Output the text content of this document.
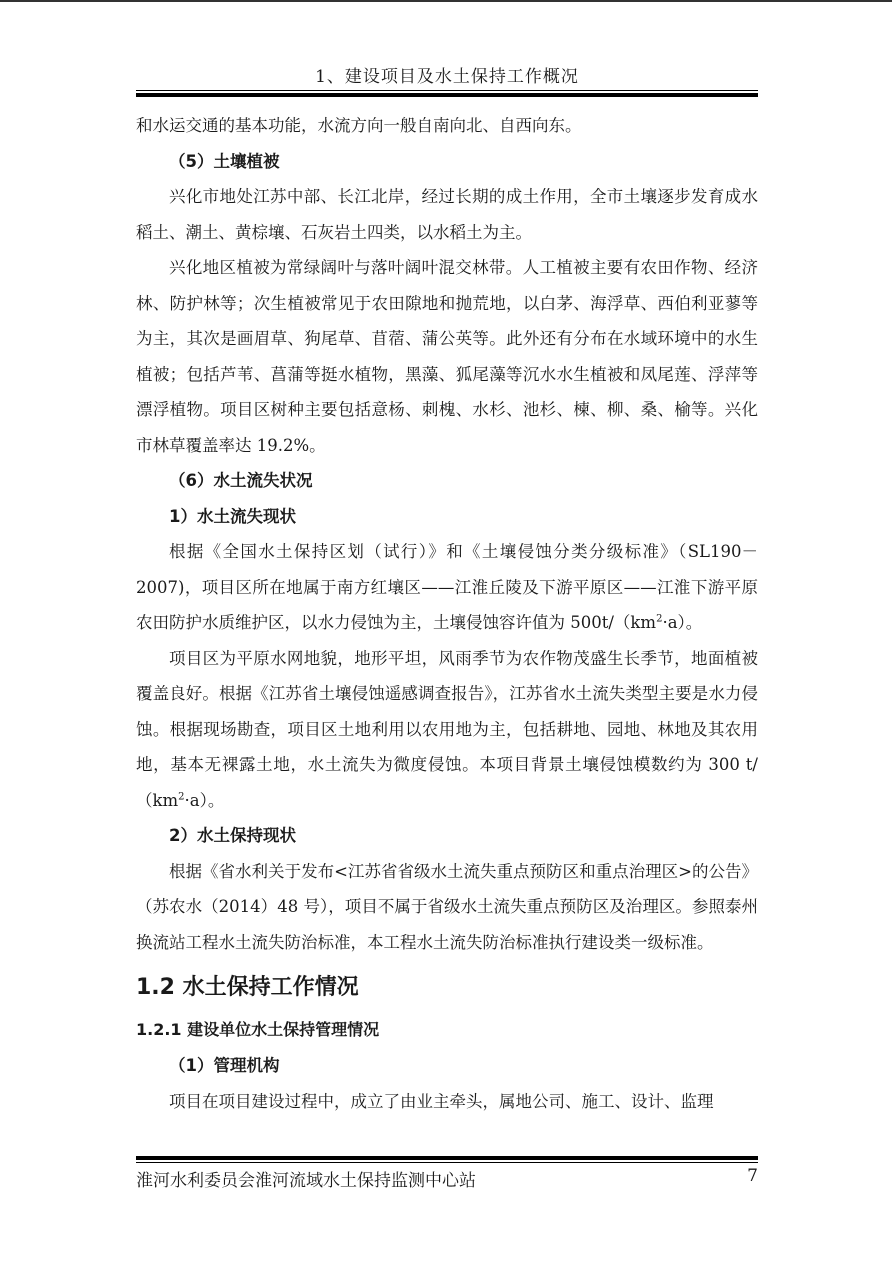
1、建设项目及水土保持工作概况

和水运交通的基本功能，水流方向一般自南向北、自西向东。

（5）土壤植被

兴化市地处江苏中部、长江北岸，经过长期的成土作用，全市土壤逐步发育成水稻土、潮土、黄棕壤、石灰岩土四类，以水稻土为主。

兴化地区植被为常绿阔叶与落叶阔叶混交林带。人工植被主要有农田作物、经济林、防护林等；次生植被常见于农田隙地和抛荒地，以白茅、海浮草、西伯利亚蓼等为主，其次是画眉草、狗尾草、苜蓿、蒲公英等。此外还有分布在水域环境中的水生植被；包括芦苇、菖蒲等挺水植物，黑藻、狐尾藻等沉水水生植被和凤尾莲、浮萍等漂浮植物。项目区树种主要包括意杨、刺槐、水杉、池杉、楝、柳、桑、榆等。兴化市林草覆盖率达 19.2%。

（6）水土流失状况
1）水土流失现状

根据《全国水土保持区划（试行）》和《土壤侵蚀分类分级标准》（SL190－2007)，项目区所在地属于南方红壤区——江淮丘陵及下游平原区——江淮下游平原农田防护水质维护区，以水力侵蚀为主，土壤侵蚀容许值为 $500t/(km^2\cdot a)$。

项目区为平原水网地貌，地形平坦，风雨季节为农作物茂盛生长季节，地面植被覆盖良好。根据《江苏省土壤侵蚀遥感调查报告》，江苏省水土流失类型主要是水力侵蚀。根据现场勘查，项目区土地利用以农用地为主，包括耕地、园地、林地及其农用地，基本无裸露土地，水土流失为微度侵蚀。本项目背景土壤侵蚀模数约为 300 $t/(km^2\cdot a)$。

2）水土保持现状

根据《省水利关于发布<江苏省省级水土流失重点预防区和重点治理区>的公告》（苏农水（2014）48 号），项目不属于省级水土流失重点预防区及治理区。参照泰州换流站工程水土流失防治标准，本工程水土流失防治标准执行建设类一级标准。

1.2 水土保持工作情况
1.2.1 建设单位水土保持管理情况
（1）管理机构

项目在项目建设过程中，成立了由业主牵头，属地公司、施工、设计、监理

淮河水利委员会淮河流域水土保持监测中心站	7
